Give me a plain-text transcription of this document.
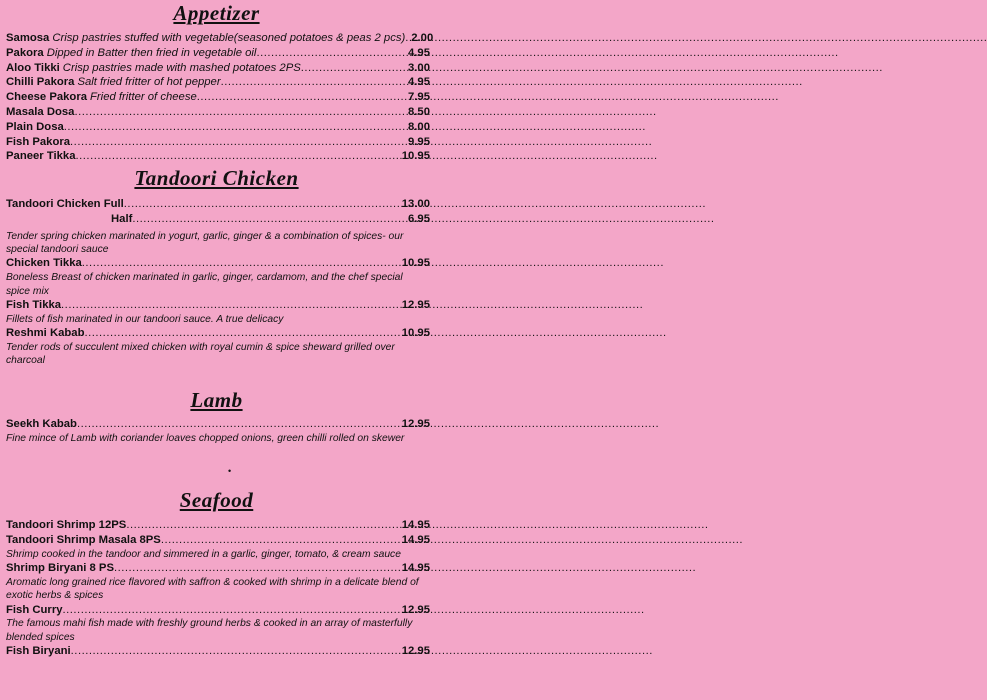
Appetizer
Samosa Crisp pastries stuffed with vegetable(seasoned potatoes & peas 2 pcs) ..... 2.00
Pakora Dipped in Batter then fried in vegetable oil .....	4.95
Aloo Tikki Crisp pastries made with mashed potatoes 2PS .....	3.00
Chilli Pakora Salt fried fritter of hot pepper .....	4.95
Cheese Pakora Fried fritter of cheese .....	7.95
Masala Dosa .....	8.50
Plain Dosa .....	8.00
Fish Pakora .....	9.95
Paneer Tikka .....	10.95
Tandoori Chicken
Tandoori Chicken Full .....	13.00
Half .....	6.95

Tender spring chicken marinated in yogurt, garlic, ginger & a combination of spices- our special tandoori sauce

Chicken Tikka .....	10.95

Boneless Breast of chicken marinated in garlic, ginger, cardamom, and the chef special spice mix

Fish Tikka .....	12.95

Fillets of fish marinated in our tandoori sauce. A true delicacy

Reshmi Kabab .....	10.95

Tender rods of succulent mixed chicken with royal cumin & spice sheward grilled over charcoal

Lamb
Seekh Kabab .....	12.95

Fine mince of Lamb with coriander loaves chopped onions, green chilli rolled on skewer

•
Seafood
Tandoori Shrimp 12PS .....	14.95
Tandoori Shrimp Masala 8PS .....	14.95

Shrimp cooked in the tandoor and simmered in a garlic, ginger, tomato, & cream sauce

Shrimp Biryani 8 PS .....	14.95

Aromatic long grained rice flavored with saffron & cooked with shrimp in a delicate blend of exotic herbs & spices

Fish Curry .....	12.95

The famous mahi fish made with freshly ground herbs & cooked in an array of masterfully blended spices

Fish Biryani .....	12.95
